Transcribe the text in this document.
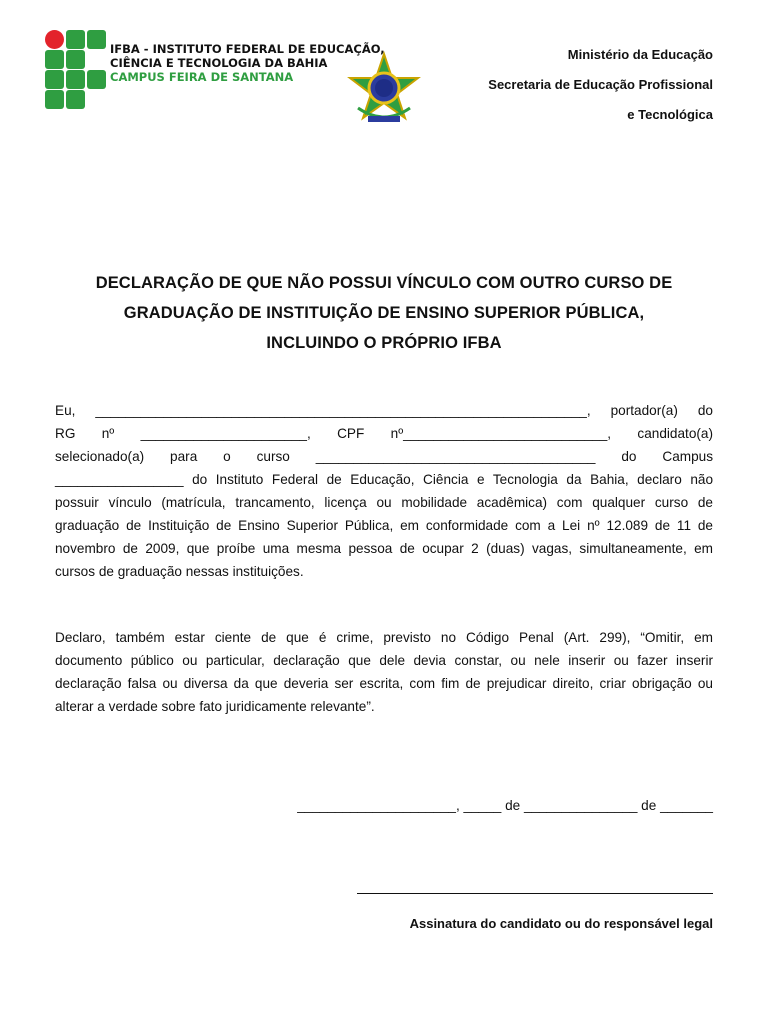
IFBA - INSTITUTO FEDERAL DE EDUCAÇÃO,
CIÊNCIA E TECNOLOGIA DA BAHIA
CAMPUS FEIRA DE SANTANA
Ministério da Educação
Secretaria de Educação Profissional
e Tecnológica
DECLARAÇÃO DE QUE NÃO POSSUI VÍNCULO COM OUTRO CURSO DE
GRADUAÇÃO DE INSTITUIÇÃO DE ENSINO SUPERIOR PÚBLICA,
INCLUINDO O PRÓPRIO IFBA
Eu, _________________________________________________________________, portador(a) do
RG nº ______________________, CPF nº___________________________, candidato(a)
selecionado(a) para o curso _____________________________________ do Campus
_________________ do Instituto Federal de Educação, Ciência e Tecnologia da Bahia, declaro não
possuir vínculo (matrícula, trancamento, licença ou mobilidade acadêmica) com qualquer curso de
graduação de Instituição de Ensino Superior Pública, em conformidade com a Lei nº 12.089 de 11 de
novembro de 2009, que proíbe uma mesma pessoa de ocupar 2 (duas) vagas, simultaneamente, em
cursos de graduação nessas instituições.
Declaro, também estar ciente de que é crime, previsto no Código Penal (Art. 299), “Omitir, em
documento público ou particular, declaração que dele devia constar, ou nele inserir ou fazer inserir
declaração falsa ou diversa da que deveria ser escrita, com fim de prejudicar direito, criar obrigação ou
alterar a verdade sobre fato juridicamente relevante”.
_____________________, _____ de _______________ de _______
Assinatura do candidato ou do responsável legal
